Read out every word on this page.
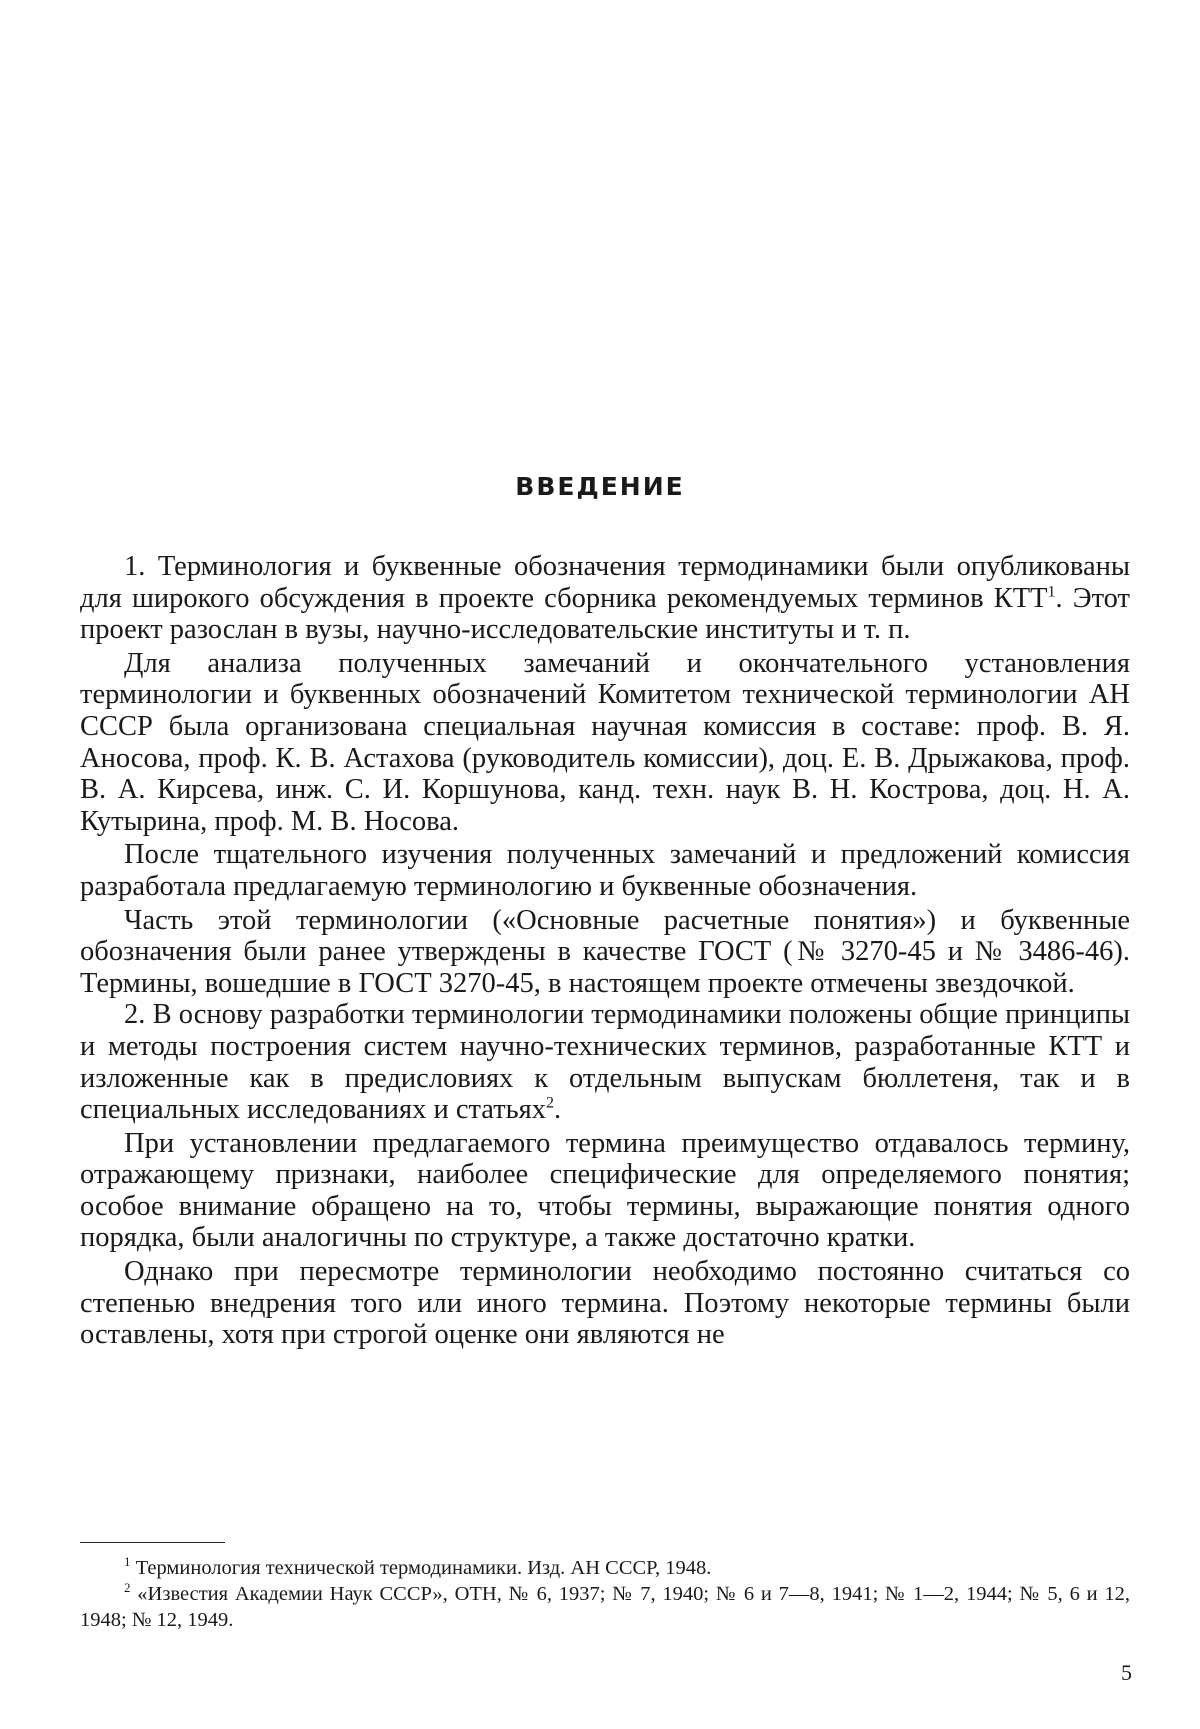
ВВЕДЕНИЕ

1. Терминология и буквенные обозначения термодинамики были опубликованы для широкого обсуждения в проекте сборника рекомендуемых терминов КТТ$^1$. Этот проект разослан в вузы, научно-исследовательские институты и т. п.

Для анализа полученных замечаний и окончательного установления терминологии и буквенных обозначений Комитетом технической терминологии АН СССР была организована специальная научная комиссия в составе: проф. В. Я. Аносова, проф. К. В. Астахова (руководитель комиссии), доц. Е. В. Дрыжакова, проф. В. А. Кирсева, инж. С. И. Коршунова, канд. техн. наук В. Н. Кострова, доц. Н. А. Кутырина, проф. М. В. Носова.

После тщательного изучения полученных замечаний и предложений комиссия разработала предлагаемую терминологию и буквенные обозначения.

Часть этой терминологии («Основные расчетные понятия») и буквенные обозначения были ранее утверждены в качестве ГОСТ (№ 3270-45 и № 3486-46). Термины, вошедшие в ГОСТ 3270-45, в настоящем проекте отмечены звездочкой.

2. В основу разработки терминологии термодинамики положены общие принципы и методы построения систем научно-технических терминов, разработанные КТТ и изложенные как в предисловиях к отдельным выпускам бюллетеня, так и в специальных исследованиях и статьях$^2$.

При установлении предлагаемого термина преимущество отдавалось термину, отражающему признаки, наиболее специфические для определяемого понятия; особое внимание обращено на то, чтобы термины, выражающие понятия одного порядка, были аналогичны по структуре, а также достаточно кратки.

Однако при пересмотре терминологии необходимо постоянно считаться со степенью внедрения того или иного термина. Поэтому некоторые термины были оставлены, хотя при строгой оценке они являются не

$^1$ Терминология технической термодинамики. Изд. АН СССР, 1948.

$^2$ «Известия Академии Наук СССР», ОТН, № 6, 1937; № 7, 1940; № 6 и 7—8, 1941; № 1—2, 1944; № 5, 6 и 12, 1948; № 12, 1949.

5
